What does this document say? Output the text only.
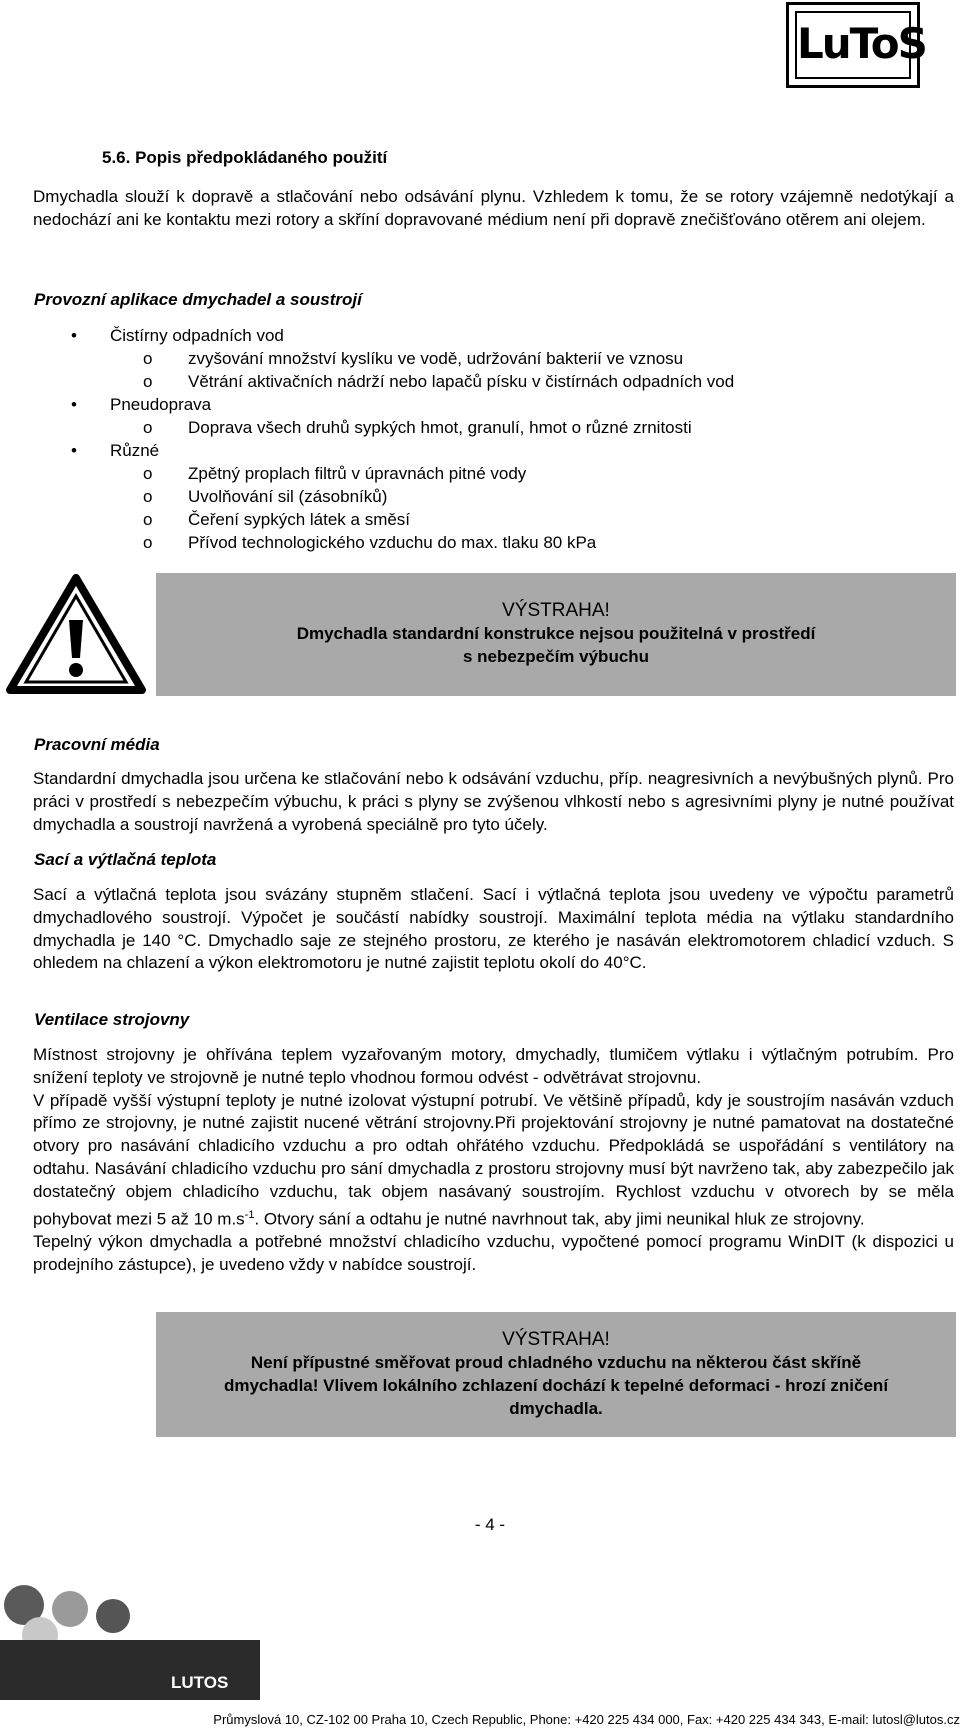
LuToS
5.6. Popis předpokládaného použití
Dmychadla slouží k dopravě a stlačování nebo odsávání plynu. Vzhledem k tomu, že se rotory vzájemně nedotýkají a nedochází ani ke kontaktu mezi rotory a skříní dopravované médium není při dopravě znečišťováno otěrem ani olejem.
Provozní aplikace dmychadel a soustrojí
• Čistírny odpadních vod
o zvyšování množství kyslíku ve vodě, udržování bakterií ve vznosu
o Větrání aktivačních nádrží nebo lapačů písku v čistírnách odpadních vod
• Pneudoprava
o Doprava všech druhů sypkých hmot, granulí, hmot o různé zrnitosti
• Různé
o Zpětný proplach filtrů v úpravnách pitné vody
o Uvolňování sil (zásobníků)
o Čeření sypkých látek a směsí
o Přívod technologického vzduchu do max. tlaku 80 kPa
VÝSTRAHA!
Dmychadla standardní konstrukce nejsou použitelná v prostředí
s nebezpečím výbuchu
Pracovní média
Standardní dmychadla jsou určena ke stlačování nebo k odsávání vzduchu, příp. neagresivních a nevýbušných plynů. Pro práci v prostředí s nebezpečím výbuchu, k práci s plyny se zvýšenou vlhkostí nebo s agresivními plyny je nutné používat dmychadla a soustrojí navržená a vyrobená speciálně pro tyto účely.
Sací a výtlačná teplota
Sací a výtlačná teplota jsou svázány stupněm stlačení. Sací i výtlačná teplota jsou uvedeny ve výpočtu parametrů dmychadlového soustrojí. Výpočet je součástí nabídky soustrojí. Maximální teplota média na výtlaku standardního dmychadla je 140 °C. Dmychadlo saje ze stejného prostoru, ze kterého je nasáván elektromotorem chladicí vzduch. S ohledem na chlazení a výkon elektromotoru je nutné zajistit teplotu okolí do 40°C.
Ventilace strojovny
Místnost strojovny je ohřívána teplem vyzařovaným motory, dmychadly, tlumičem výtlaku i výtlačným potrubím. Pro snížení teploty ve strojovně je nutné teplo vhodnou formou odvést - odvětrávat strojovnu.
V případě vyšší výstupní teploty je nutné izolovat výstupní potrubí. Ve většině případů, kdy je soustrojím nasáván vzduch přímo ze strojovny, je nutné zajistit nucené větrání strojovny.Při projektování strojovny je nutné pamatovat na dostatečné otvory pro nasávání chladicího vzduchu a pro odtah ohřátého vzduchu. Předpokládá se uspořádání s ventilátory na odtahu. Nasávání chladicího vzduchu pro sání dmychadla z prostoru strojovny musí být navrženo tak, aby zabezpečilo jak dostatečný objem chladicího vzduchu, tak objem nasávaný soustrojím. Rychlost vzduchu v otvorech by se měla pohybovat mezi 5 až 10 $m.s^{-1}$. Otvory sání a odtahu je nutné navrhnout tak, aby jimi neunikal hluk ze strojovny.
Tepelný výkon dmychadla a potřebné množství chladicího vzduchu, vypočtené pomocí programu WinDIT (k dispozici u prodejního zástupce), je uvedeno vždy v nabídce soustrojí.
VÝSTRAHA!
Není přípustné směřovat proud chladného vzduchu na některou část skříně
dmychadla! Vlivem lokálního zchlazení dochází k tepelné deformaci - hrozí zničení
dmychadla.
- 4 -
LUTOS
Průmyslová 10, CZ-102 00 Praha 10, Czech Republic, Phone: +420 225 434 000, Fax: +420 225 434 343, E-mail: lutosl@lutos.cz
